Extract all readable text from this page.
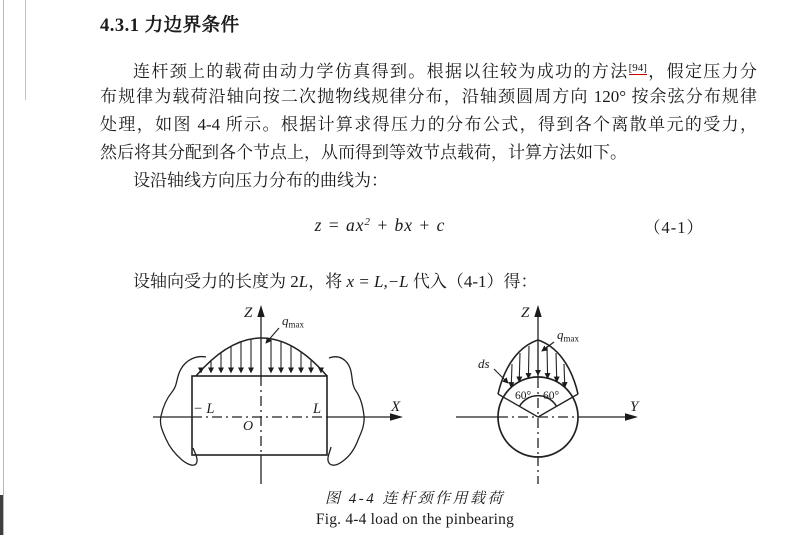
4.3.1 力边界条件
连杆颈上的载荷由动力学仿真得到。根据以往较为成功的方法[94]，假定压力分
布规律为载荷沿轴向按二次抛物线规律分布，沿轴颈圆周方向 120° 按余弦分布规律
处理，如图 4-4 所示。根据计算求得压力的分布公式，得到各个离散单元的受力，
然后将其分配到各个节点上，从而得到等效节点载荷，计算方法如下。
设沿轴线方向压力分布的曲线为：
$z = ax^2$ + bx + c	（4-1）
设轴向受力的长度为 2L，将 x = L,−L 代入（4-1）得：
Z
X
O
− L	L
qmax
Z
Y
ds
qmax
60° 60°
图 4-4 连杆颈作用载荷
Fig. 4-4 load on the pinbearing
